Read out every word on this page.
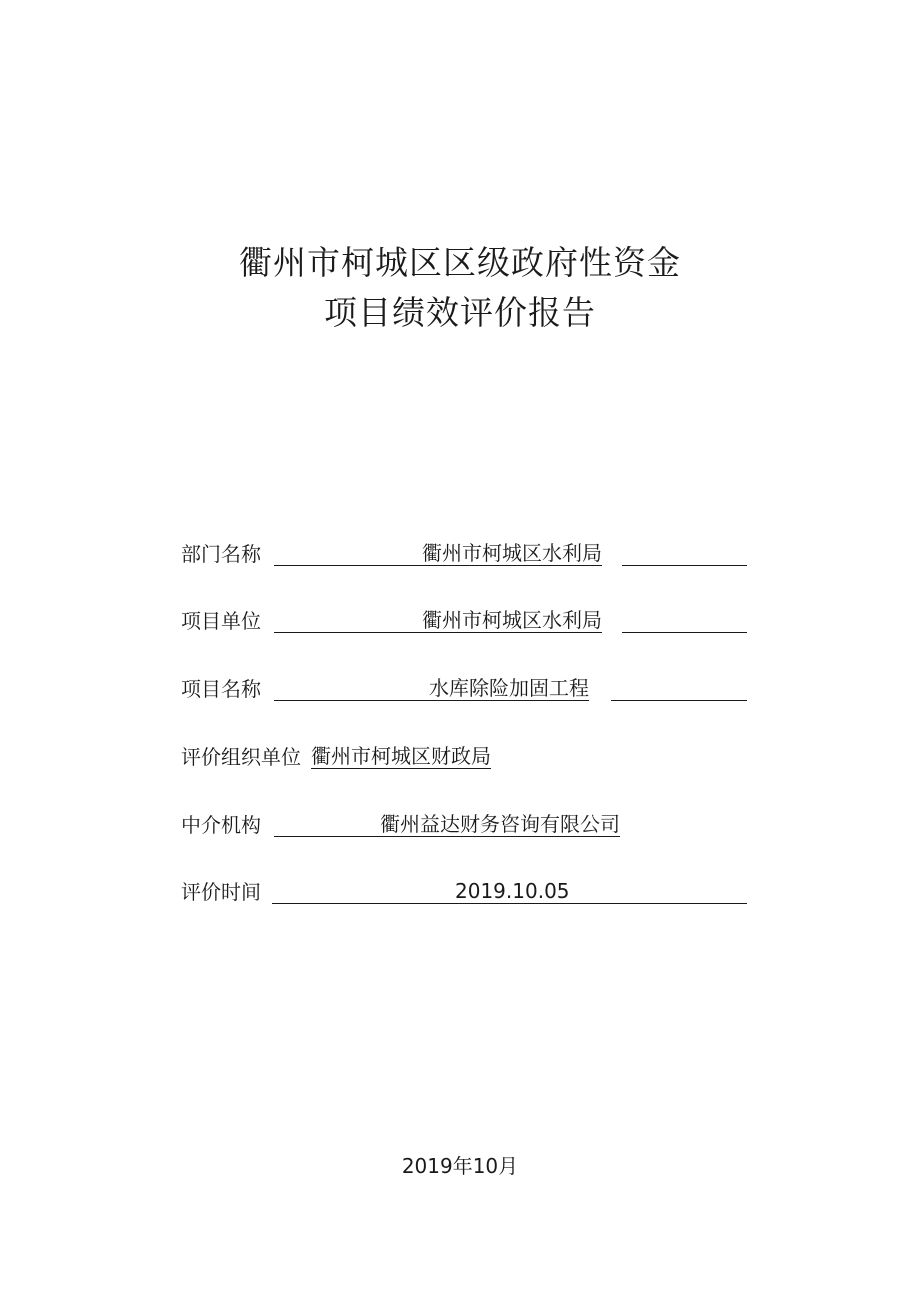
衢州市柯城区区级政府性资金
项目绩效评价报告
部门名称	衢州市柯城区水利局
项目单位	衢州市柯城区水利局
项目名称	水库除险加固工程
评价组织单位 衢州市柯城区财政局
中介机构	衢州益达财务咨询有限公司
评价时间	2019.10.05
2019年10月
